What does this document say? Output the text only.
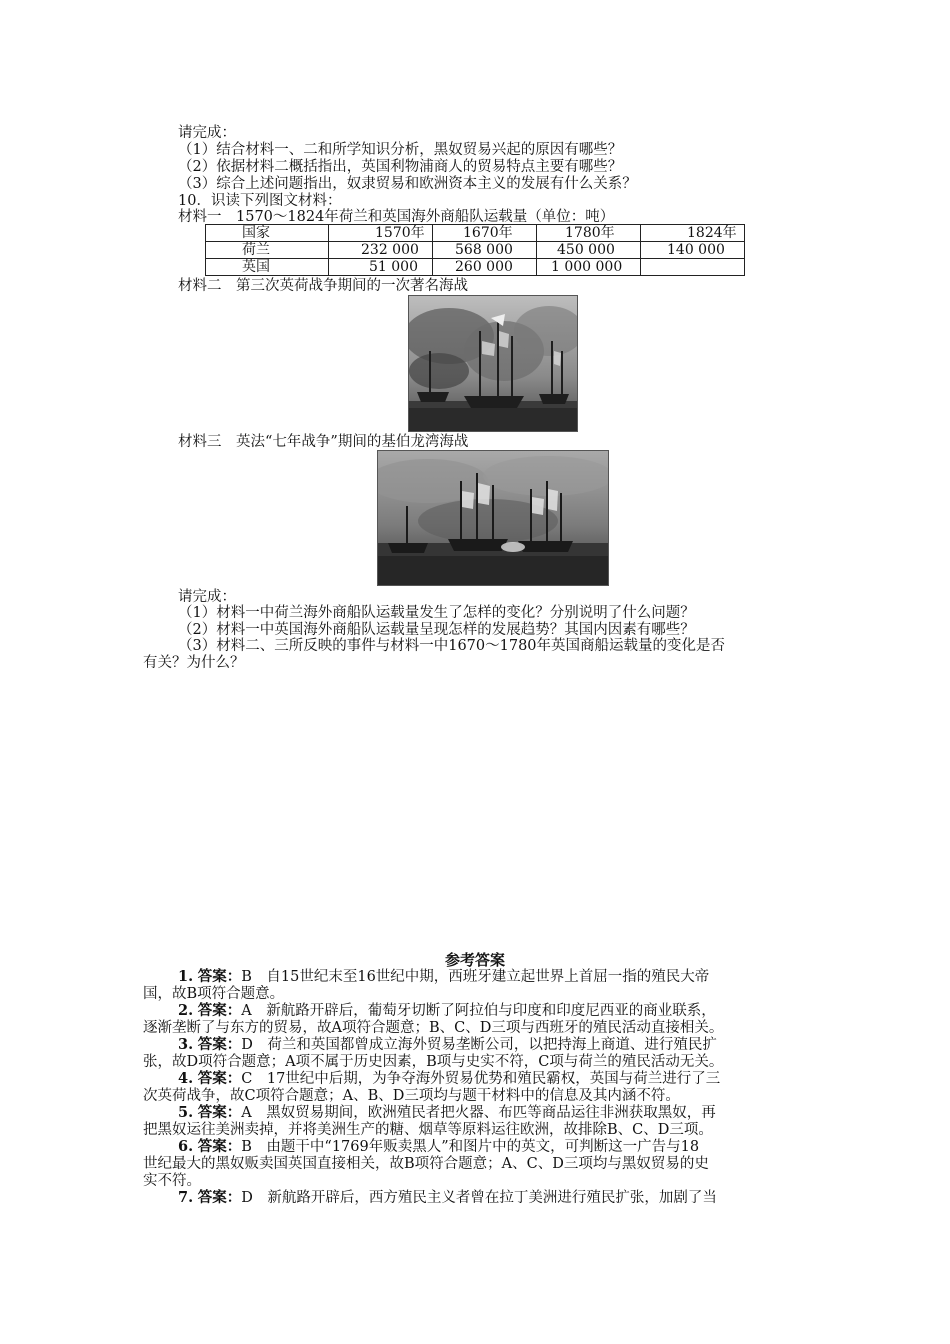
请完成：
（1）结合材料一、二和所学知识分析，黑奴贸易兴起的原因有哪些？
（2）依据材料二概括指出，英国利物浦商人的贸易特点主要有哪些？
（3）综合上述问题指出，奴隶贸易和欧洲资本主义的发展有什么关系？
10．识读下列图文材料：
材料一　1570～1824年荷兰和英国海外商船队运载量（单位：吨）
国家	1570年	1670年	1780年	1824年
荷兰	232 000	568 000	450 000	140 000
英国	51 000	260 000	1 000 000	
材料二　第三次英荷战争期间的一次著名海战
材料三　英法“七年战争”期间的基伯龙湾海战
请完成：
（1）材料一中荷兰海外商船队运载量发生了怎样的变化？分别说明了什么问题？
（2）材料一中英国海外商船队运载量呈现怎样的发展趋势？其国内因素有哪些？
（3）材料二、三所反映的事件与材料一中1670～1780年英国商船运载量的变化是否
有关？为什么？
参考答案
1. 答案：B　 自15世纪末至16世纪中期，西班牙建立起世界上首屈一指的殖民大帝
国，故B项符合题意。
2. 答案：A　 新航路开辟后，葡萄牙切断了阿拉伯与印度和印度尼西亚的商业联系，
逐渐垄断了与东方的贸易，故A项符合题意；B、C、D三项与西班牙的殖民活动直接相关。
3. 答案：D　 荷兰和英国都曾成立海外贸易垄断公司，以把持海上商道、进行殖民扩
张，故D项符合题意；A项不属于历史因素，B项与史实不符，C项与荷兰的殖民活动无关。
4. 答案：C　 17世纪中后期，为争夺海外贸易优势和殖民霸权，英国与荷兰进行了三
次英荷战争，故C项符合题意；A、B、D三项均与题干材料中的信息及其内涵不符。
5. 答案：A　 黑奴贸易期间，欧洲殖民者把火器、布匹等商品运往非洲获取黑奴，再
把黑奴运往美洲卖掉，并将美洲生产的糖、烟草等原料运往欧洲，故排除B、C、D三项。
6. 答案：B　 由题干中“1769年贩卖黑人”和图片中的英文，可判断这一广告与18
世纪最大的黑奴贩卖国英国直接相关，故B项符合题意；A、C、D三项均与黑奴贸易的史
实不符。
7. 答案：D　 新航路开辟后，西方殖民主义者曾在拉丁美洲进行殖民扩张，加剧了当
